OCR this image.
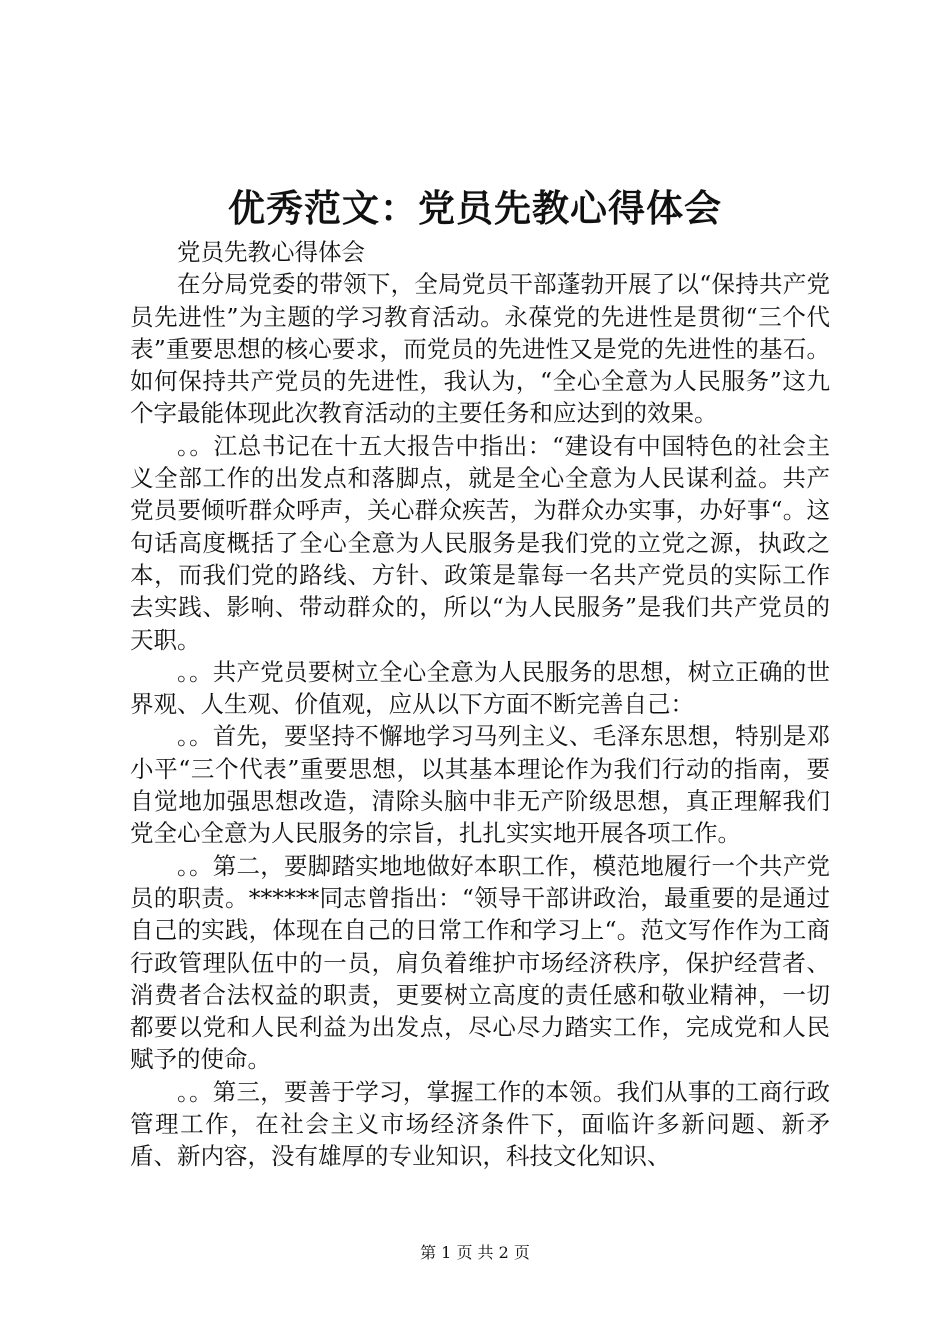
优秀范文：党员先教心得体会

党员先教心得体会

在分局党委的带领下，全局党员干部蓬勃开展了以“保持共产党员先进性”为主题的学习教育活动。永葆党的先进性是贯彻“三个代表”重要思想的核心要求，而党员的先进性又是党的先进性的基石。如何保持共产党员的先进性，我认为，“全心全意为人民服务”这九个字最能体现此次教育活动的主要任务和应达到的效果。

。。江总书记在十五大报告中指出：“建设有中国特色的社会主义全部工作的出发点和落脚点，就是全心全意为人民谋利益。共产党员要倾听群众呼声，关心群众疾苦，为群众办实事，办好事“。这句话高度概括了全心全意为人民服务是我们党的立党之源，执政之本，而我们党的路线、方针、政策是靠每一名共产党员的实际工作去实践、影响、带动群众的，所以“为人民服务”是我们共产党员的天职。

。。共产党员要树立全心全意为人民服务的思想，树立正确的世界观、人生观、价值观，应从以下方面不断完善自己：

。。首先，要坚持不懈地学习马列主义、毛泽东思想，特别是邓小平“三个代表”重要思想，以其基本理论作为我们行动的指南，要自觉地加强思想改造，清除头脑中非无产阶级思想，真正理解我们党全心全意为人民服务的宗旨，扎扎实实地开展各项工作。

。。第二，要脚踏实地地做好本职工作，模范地履行一个共产党员的职责。******同志曾指出：“领导干部讲政治，最重要的是通过自己的实践，体现在自己的日常工作和学习上“。范文写作作为工商行政管理队伍中的一员，肩负着维护市场经济秩序，保护经营者、消费者合法权益的职责，更要树立高度的责任感和敬业精神，一切都要以党和人民利益为出发点，尽心尽力踏实工作，完成党和人民赋予的使命。

。。第三，要善于学习，掌握工作的本领。我们从事的工商行政管理工作，在社会主义市场经济条件下，面临许多新问题、新矛盾、新内容，没有雄厚的专业知识，科技文化知识、

第 1 页 共 2 页
